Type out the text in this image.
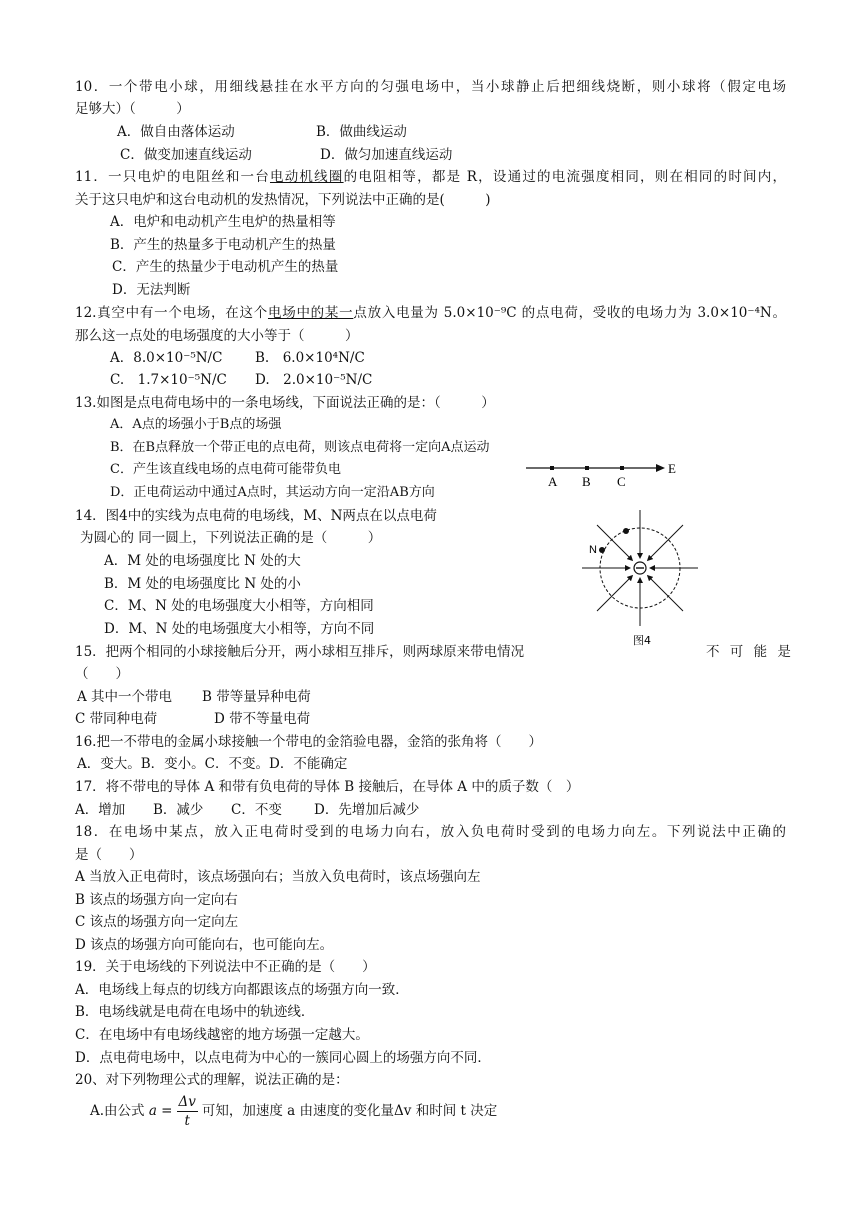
10．一个带电小球，用细线悬挂在水平方向的匀强电场中，当小球静止后把细线烧断，则小球将（假定电场
足够大）（　　　）
A．做自由落体运动	B．做曲线运动
C．做变加速直线运动	D．做匀加速直线运动
11．一只电炉的电阻丝和一台电动机线圈的电阻相等，都是 R，设通过的电流强度相同，则在相同的时间内，
关于这只电炉和这台电动机的发热情况，下列说法中正确的是(　　　)
A．电炉和电动机产生电炉的热量相等
B．产生的热量多于电动机产生的热量
C．产生的热量少于电动机产生的热量
D．无法判断
12.真空中有一个电场，在这个电场中的某一点放入电量为 5.0×10⁻⁹C 的点电荷，受收的电场力为 3.0×10⁻⁴N。
那么这一点处的电场强度的大小等于（　　　）
A．8.0×10⁻⁵N/C B.　6.0×10⁴N/C
C.　1.7×10⁻⁵N/C D.　2.0×10⁻⁵N/C
13.如图是点电荷电场中的一条电场线，下面说法正确的是：（　　　）
A．A点的场强小于B点的场强
B．在B点释放一个带正电的点电荷，则该点电荷将一定向A点运动
C．产生该直线电场的点电荷可能带负电
D．正电荷运动中通过A点时，其运动方向一定沿AB方向
A B C
E
14．图4中的实线为点电荷的电场线，M、N两点在以点电荷
为圆心的 同一圆上，下列说法正确的是（　　　）
A．M 处的电场强度比 N 处的大
B．M 处的电场强度比 N 处的小
C．M、N 处的电场强度大小相等，方向相同
D．M、N 处的电场强度大小相等，方向不同
N
图4
15．把两个相同的小球接触后分开，两小球相互排斥，则两球原来带电情况	不 可 能 是
（　　）
A 其中一个带电 B 带等量异种电荷
C 带同种电荷	D 带不等量电荷
16.把一不带电的金属小球接触一个带电的金箔验电器，金箔的张角将（　　）
A．变大。B．变小。C．不变。D．不能确定
17．将不带电的导体 A 和带有负电荷的导体 B 接触后，在导体 A 中的质子数（　）
A．增加 B．减少 C．不变 D．先增加后减少
18．在电场中某点，放入正电荷时受到的电场力向右，放入负电荷时受到的电场力向左。下列说法中正确的
是（　　）
A 当放入正电荷时，该点场强向右；当放入负电荷时，该点场强向左
B 该点的场强方向一定向右
C 该点的场强方向一定向左
D 该点的场强方向可能向右，也可能向左。
19．关于电场线的下列说法中不正确的是（　　）
A．电场线上每点的切线方向都跟该点的场强方向一致．
B．电场线就是电荷在电场中的轨迹线．
C．在电场中有电场线越密的地方场强一定越大。
D．点电荷电场中，以点电荷为中心的一簇同心圆上的场强方向不同．
20、对下列物理公式的理解，说法正确的是：
A.由公式 $a = \frac{\Delta v}{t}$ 可知，加速度 a 由速度的变化量Δv 和时间 t 决定
